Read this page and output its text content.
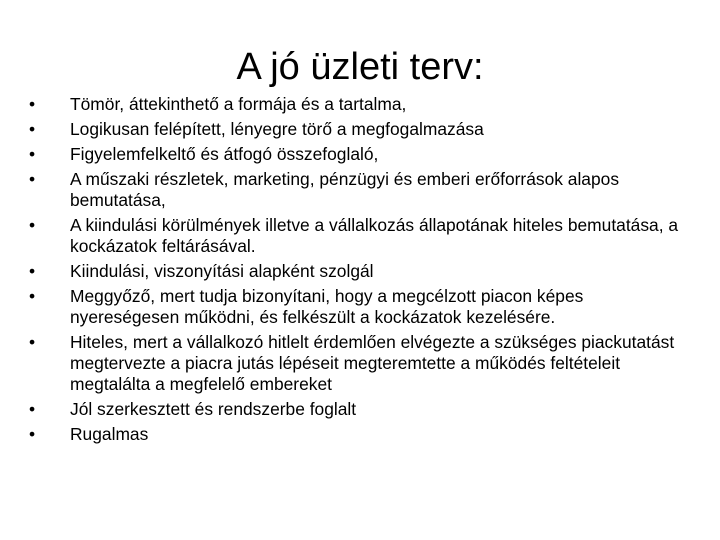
A jó üzleti terv:
• Tömör, áttekinthető a formája és a tartalma,
• Logikusan felépített, lényegre törő a megfogalmazása
• Figyelemfelkeltő és átfogó összefoglaló,
• A műszaki részletek, marketing, pénzügyi és emberi erőforrások alapos bemutatása,
• A kiindulási körülmények illetve a vállalkozás állapotának hiteles bemutatása, a kockázatok feltárásával.
• Kiindulási, viszonyítási alapként szolgál
• Meggyőző, mert tudja bizonyítani, hogy a megcélzott piacon képes nyereségesen működni, és felkészült a kockázatok kezelésére.
• Hiteles, mert a vállalkozó hitlelt érdemlően elvégezte a szükséges piackutatást megtervezte a piacra jutás lépéseit megteremtette a működés feltételeit megtalálta a megfelelő embereket
• Jól szerkesztett és rendszerbe foglalt
• Rugalmas
